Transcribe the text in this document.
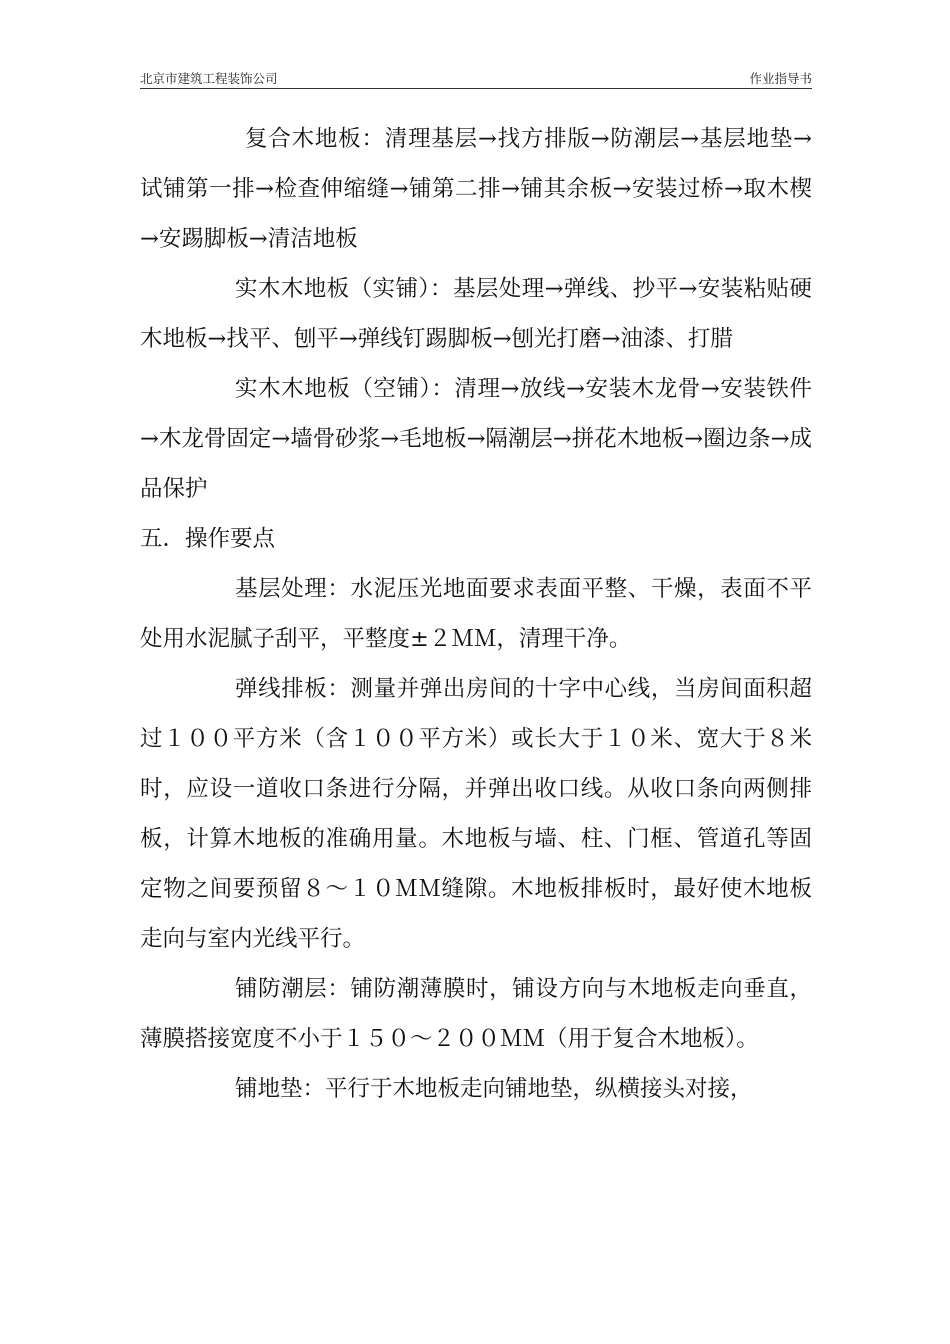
北京市建筑工程装饰公司	作业指导书

复合木地板：清理基层→找方排版→防潮层→基层地垫→试铺第一排→检查伸缩缝→铺第二排→铺其余板→安装过桥→取木楔→安踢脚板→清洁地板

实木木地板（实铺）：基层处理→弹线、抄平→安装粘贴硬木地板→找平、刨平→弹线钉踢脚板→刨光打磨→油漆、打腊

实木木地板（空铺）：清理→放线→安装木龙骨→安装铁件→木龙骨固定→墙骨砂浆→毛地板→隔潮层→拼花木地板→圈边条→成品保护

五．操作要点

基层处理：水泥压光地面要求表面平整、干燥，表面不平处用水泥腻子刮平，平整度±２ＭＭ，清理干净。

弹线排板：测量并弹出房间的十字中心线，当房间面积超过１００平方米（含１００平方米）或长大于１０米、宽大于８米时，应设一道收口条进行分隔，并弹出收口线。从收口条向两侧排板，计算木地板的准确用量。木地板与墙、柱、门框、管道孔等固定物之间要预留８～１０ＭＭ缝隙。木地板排板时，最好使木地板走向与室内光线平行。

铺防潮层：铺防潮薄膜时，铺设方向与木地板走向垂直，薄膜搭接宽度不小于１５０～２００ＭＭ（用于复合木地板）。

铺地垫：平行于木地板走向铺地垫，纵横接头对接，
